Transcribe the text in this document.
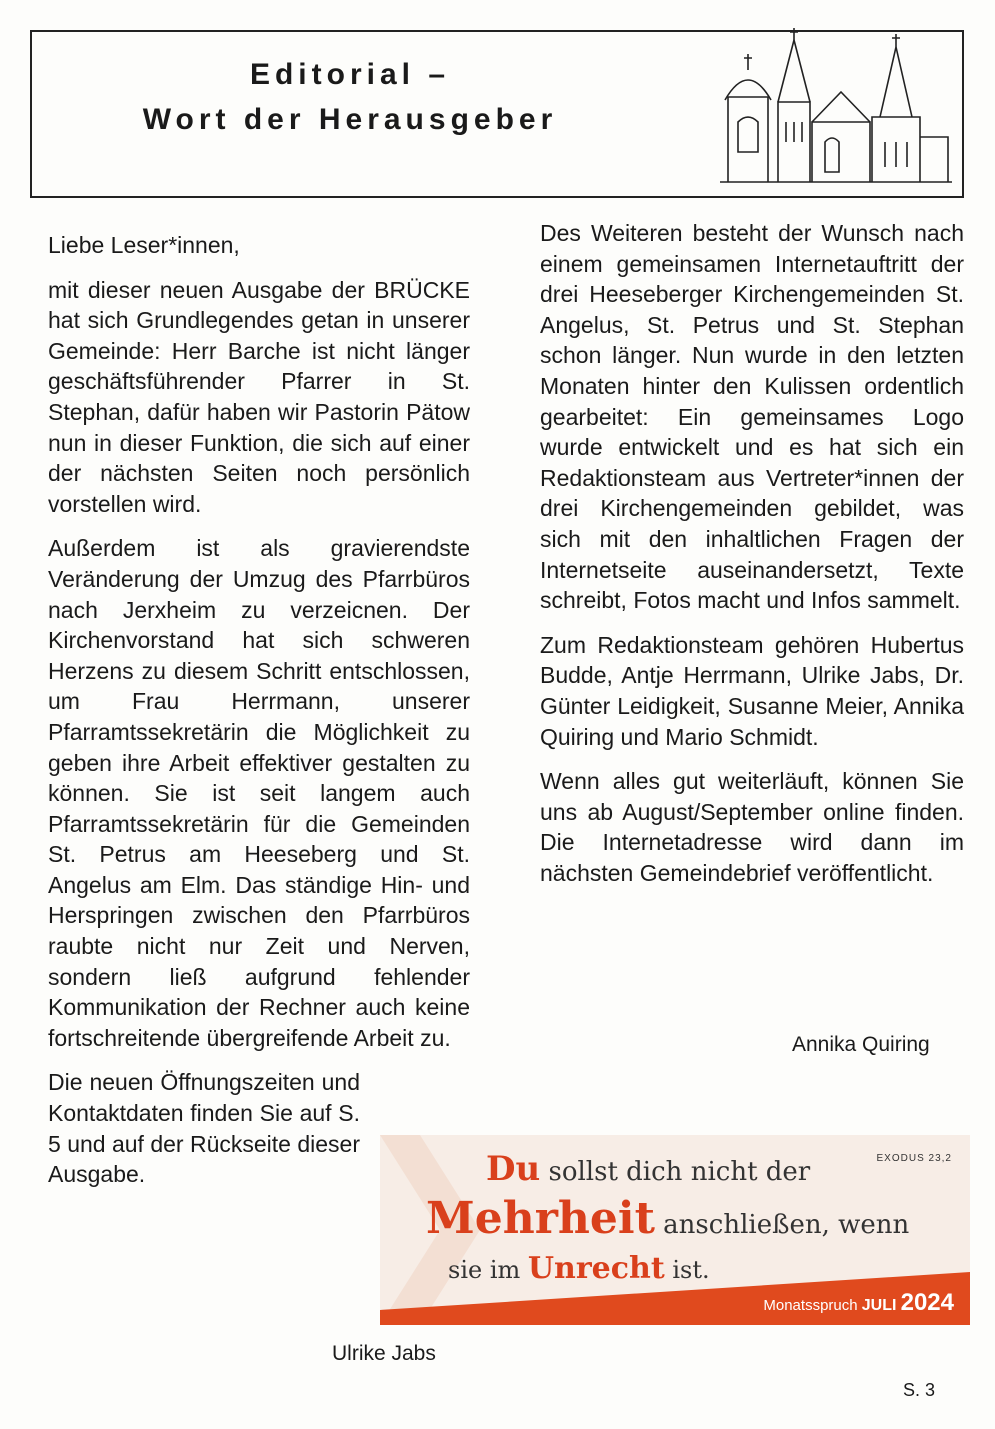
Editorial –
Wort der Herausgeber

Liebe Leser*innen,

mit dieser neuen Ausgabe der BRÜCKE hat sich Grundlegendes getan in unserer Gemeinde: Herr Barche ist nicht länger geschäftsführender Pfarrer in St. Stephan, dafür haben wir Pastorin Pätow nun in dieser Funktion, die sich auf einer der nächsten Seiten noch persönlich vorstellen wird.

Außerdem ist als gravierendste Veränderung der Umzug des Pfarrbüros nach Jerxheim zu verzeicnen. Der Kirchenvorstand hat sich schweren Herzens zu diesem Schritt entschlossen, um Frau Herrmann, unserer Pfarramtssekretärin die Möglichkeit zu geben ihre Arbeit effektiver gestalten zu können. Sie ist seit langem auch Pfarramtssekretärin für die Gemeinden St. Petrus am Heeseberg und St. Angelus am Elm. Das ständige Hin- und Herspringen zwischen den Pfarrbüros raubte nicht nur Zeit und Nerven, sondern ließ aufgrund fehlender Kommunikation der Rechner auch keine fortschreitende übergreifende Arbeit zu.

Die neuen Öffnungszeiten und Kontaktdaten finden Sie auf S. 5 und auf der Rückseite dieser Ausgabe.

Des Weiteren besteht der Wunsch nach einem gemeinsamen Internetauftritt der drei Heeseberger Kirchengemeinden St. Angelus, St. Petrus und St. Stephan schon länger. Nun wurde in den letzten Monaten hinter den Kulissen ordentlich gearbeitet: Ein gemeinsames Logo wurde entwickelt und es hat sich ein Redaktionsteam aus Vertreter*innen der drei Kirchengemeinden gebildet, was sich mit den inhaltlichen Fragen der Internetseite auseinandersetzt, Texte schreibt, Fotos macht und Infos sammelt.

Zum Redaktionsteam gehören Hubertus Budde, Antje Herrmann, Ulrike Jabs, Dr. Günter Leidigkeit, Susanne Meier, Annika Quiring und Mario Schmidt.

Wenn alles gut weiterläuft, können Sie uns ab August/September online finden. Die Internetadresse wird dann im nächsten Gemeindebrief veröffentlicht.

Annika Quiring
Ulrike Jabs
EXODUS 23,2
Du sollst dich nicht der
Mehrheit anschließen, wenn
sie im Unrecht ist.
Monatsspruch JULI 2024
S. 3
